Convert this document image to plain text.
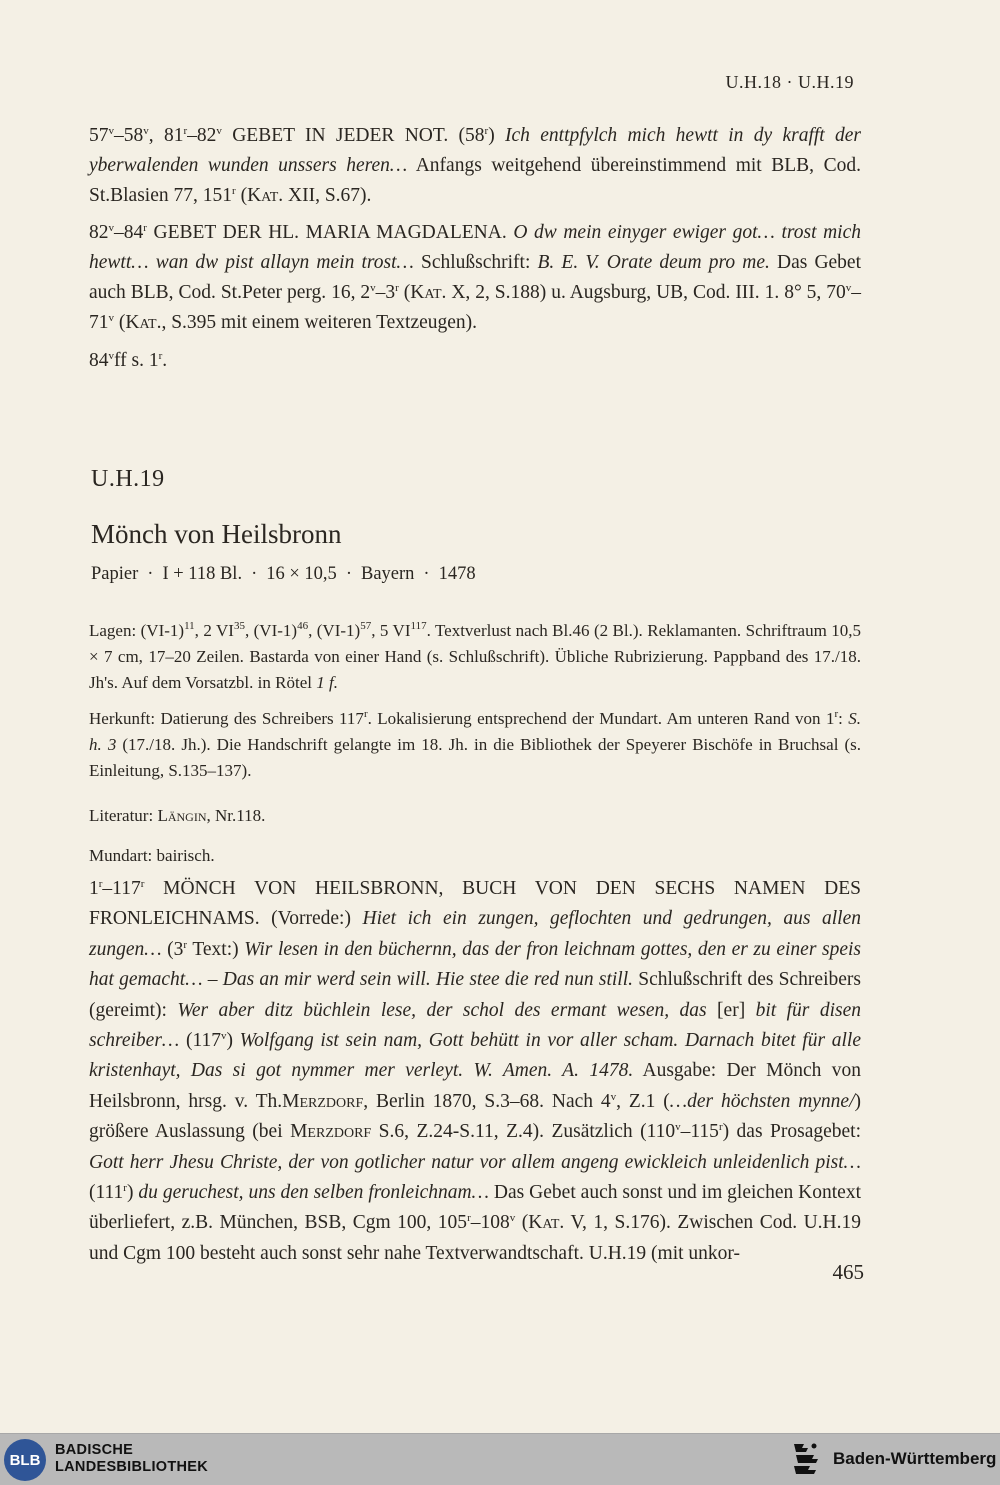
U.H.18 · U.H.19
57$^v$–58$^v$, 81$^r$–82$^v$ GEBET IN JEDER NOT. (58$^r$) Ich enttpfylch mich hewtt in dy krafft der yberwalenden wunden unssers heren… Anfangs weitgehend übereinstimmend mit BLB, Cod. St.Blasien 77, 151$^r$ (Kat. XII, S.67).
82$^v$–84$^r$ GEBET DER HL. MARIA MAGDALENA. O dw mein einyger ewiger got… trost mich hewtt… wan dw pist allayn mein trost… Schlußschrift: B. E. V. Orate deum pro me. Das Gebet auch BLB, Cod. St.Peter perg. 16, 2$^v$–3$^r$ (Kat. X, 2, S.188) u. Augsburg, UB, Cod. III. 1. 8° 5, 70$^v$–71$^v$ (Kat., S.395 mit einem weiteren Textzeugen).
84$^v$ff s. 1$^r$.
U.H.19
Mönch von Heilsbronn
Papier · I + 118 Bl. · 16 × 10,5 · Bayern · 1478
Lagen: $(VI-1)^{11}$, 2 VI$^{35}$, $(VI-1)^{46}$, $(VI-1)^{57}$, 5 VI$^{117}$. Textverlust nach Bl.46 (2 Bl.). Reklamanten. Schriftraum 10,5 × 7 cm, 17–20 Zeilen. Bastarda von einer Hand (s. Schlußschrift). Übliche Rubrizierung. Pappband des 17./18. Jh's. Auf dem Vorsatzbl. in Rötel 1 f.
Herkunft: Datierung des Schreibers 117$^r$. Lokalisierung entsprechend der Mundart. Am unteren Rand von 1$^r$: S. h. 3 (17./18. Jh.). Die Handschrift gelangte im 18. Jh. in die Bibliothek der Speyerer Bischöfe in Bruchsal (s. Einleitung, S.135–137).
Literatur: Längin, Nr.118.
Mundart: bairisch.
1$^r$–117$^r$ MÖNCH VON HEILSBRONN, BUCH VON DEN SECHS NAMEN DES FRONLEICHNAMS. (Vorrede:) Hiet ich ein zungen, geflochten und gedrungen, aus allen zungen… (3$^r$ Text:) Wir lesen in den büchernn, das der fron leichnam gottes, den er zu einer speis hat gemacht… – Das an mir werd sein will. Hie stee die red nun still. Schlußschrift des Schreibers (gereimt): Wer aber ditz büchlein lese, der schol des ermant wesen, das [er] bit für disen schreiber… (117$^v$) Wolfgang ist sein nam, Gott behütt in vor aller scham. Darnach bitet für alle kristenhayt, Das si got nymmer mer verleyt. W. Amen. A. 1478. Ausgabe: Der Mönch von Heilsbronn, hrsg. v. Th.Merzdorf, Berlin 1870, S.3–68. Nach 4$^v$, Z.1 (…der höchsten mynne/) größere Auslassung (bei Merzdorf S.6, Z.24-S.11, Z.4). Zusätzlich (110$^v$–115$^r$) das Prosagebet: Gott herr Jhesu Christe, der von gotlicher natur vor allem angeng ewickleich unleidenlich pist… (111$^r$) du geruchest, uns den selben fronleichnam… Das Gebet auch sonst und im gleichen Kontext überliefert, z.B. München, BSB, Cgm 100, 105$^r$–108$^v$ (Kat. V, 1, S.176). Zwischen Cod. U.H.19 und Cgm 100 besteht auch sonst sehr nahe Textverwandtschaft. U.H.19 (mit unkor-
465
BLB
BADISCHE
LANDESBIBLIOTHEK	Baden-Württemberg
